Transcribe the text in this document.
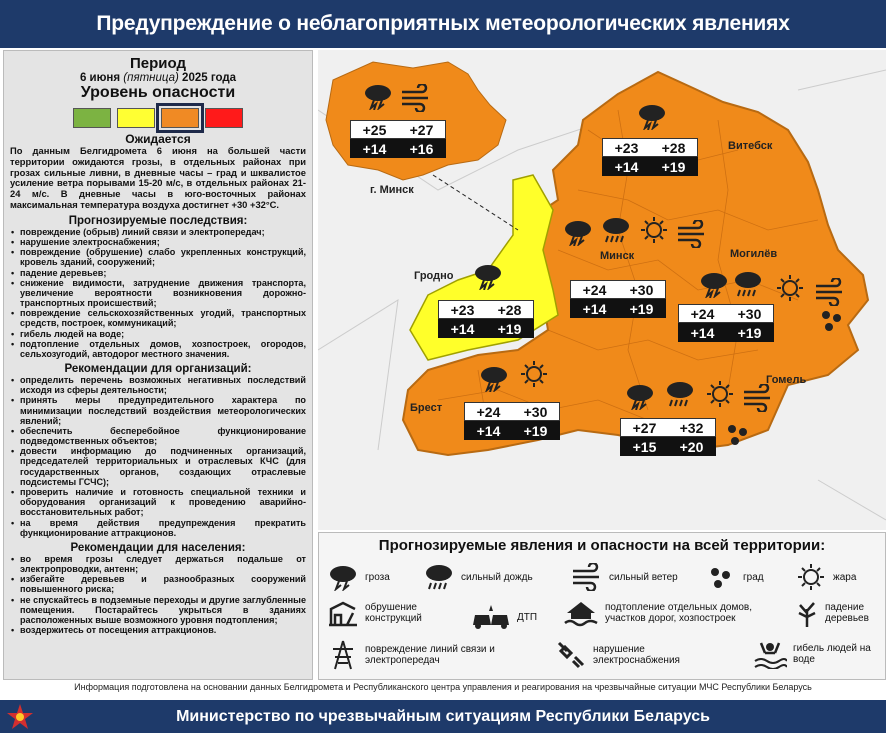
Предупреждение о неблагоприятных метеорологических явлениях
Период
6 июня (пятница) 2025 года
Уровень опасности
Ожидается
По данным Белгидромета 6 июня на большей части территории ожидаются грозы, в отдельных районах при грозах сильные ливни, в дневные часы – град и шквалистое усиление ветра порывами 15-20 м/с, в отдельных районах 21-24 м/с. В дневные часы в юго-восточных районах максимальная температура воздуха достигнет +30 +32°С.
Прогнозируемые последствия:
• повреждение (обрыв) линий связи и электропередач;
• нарушение электроснабжения;
• повреждение (обрушение) слабо укрепленных конструкций, кровель зданий, сооружений;
• падение деревьев;
• снижение видимости, затруднение движения транспорта, увеличение вероятности возникновения дорожно-транспортных происшествий;
• повреждение сельскохозяйственных угодий, транспортных средств, построек, коммуникаций;
• гибель людей на воде;
• подтопление отдельных домов, хозпостроек, огородов, сельхозугодий, автодорог местного значения.
Рекомендации для организаций:
• определить перечень возможных негативных последствий исходя из сферы деятельности;
• принять меры предупредительного характера по минимизации последствий воздействия метеорологических явлений;
• обеспечить бесперебойное функционирование подведомственных объектов;
• довести информацию до подчиненных организаций, председателей территориальных и отраслевых КЧС (для государственных органов, создающих отраслевые подсистемы ГСЧС);
• проверить наличие и готовность специальной техники и оборудования организаций к проведению аварийно-восстановительных работ;
• на время действия предупреждения прекратить функционирование аттракционов.
Рекомендации для населения:
• во время грозы следует держаться подальше от электропроводки, антенн;
• избегайте деревьев и разнообразных сооружений повышенного риска;
• не спускайтесь в подземные переходы и другие заглубленные помещения. Постарайтесь укрыться в зданиях расположенных выше возможного уровня подтопления;
• воздержитесь от посещения аттракционов.
г. Минск
Витебск
Минск	Могилёв
Гродно
Брест
Гомель
+25 +27
+14 +16	+23 +28
+14 +19
+24 +30
+14 +19
+23 +28
+14 +19
+24 +30
+14 +19
+24 +30
+14 +19	+27 +32
+15 +20
Прогнозируемые явления и опасности на всей территории:
гроза	сильный дождь	сильный ветер	град	жара
обрушение конструкций	ДТП
подтопление отдельных домов, участков дорог, хозпостроек
падение деревьев
повреждение линий связи и электропередач
нарушение электроснабжения
гибель людей на воде
Информация подготовлена на основании данных Белгидромета и Республиканского центра управления и реагирования на чрезвычайные ситуации МЧС Республики Беларусь
Министерство по чрезвычайным ситуациям Республики Беларусь
